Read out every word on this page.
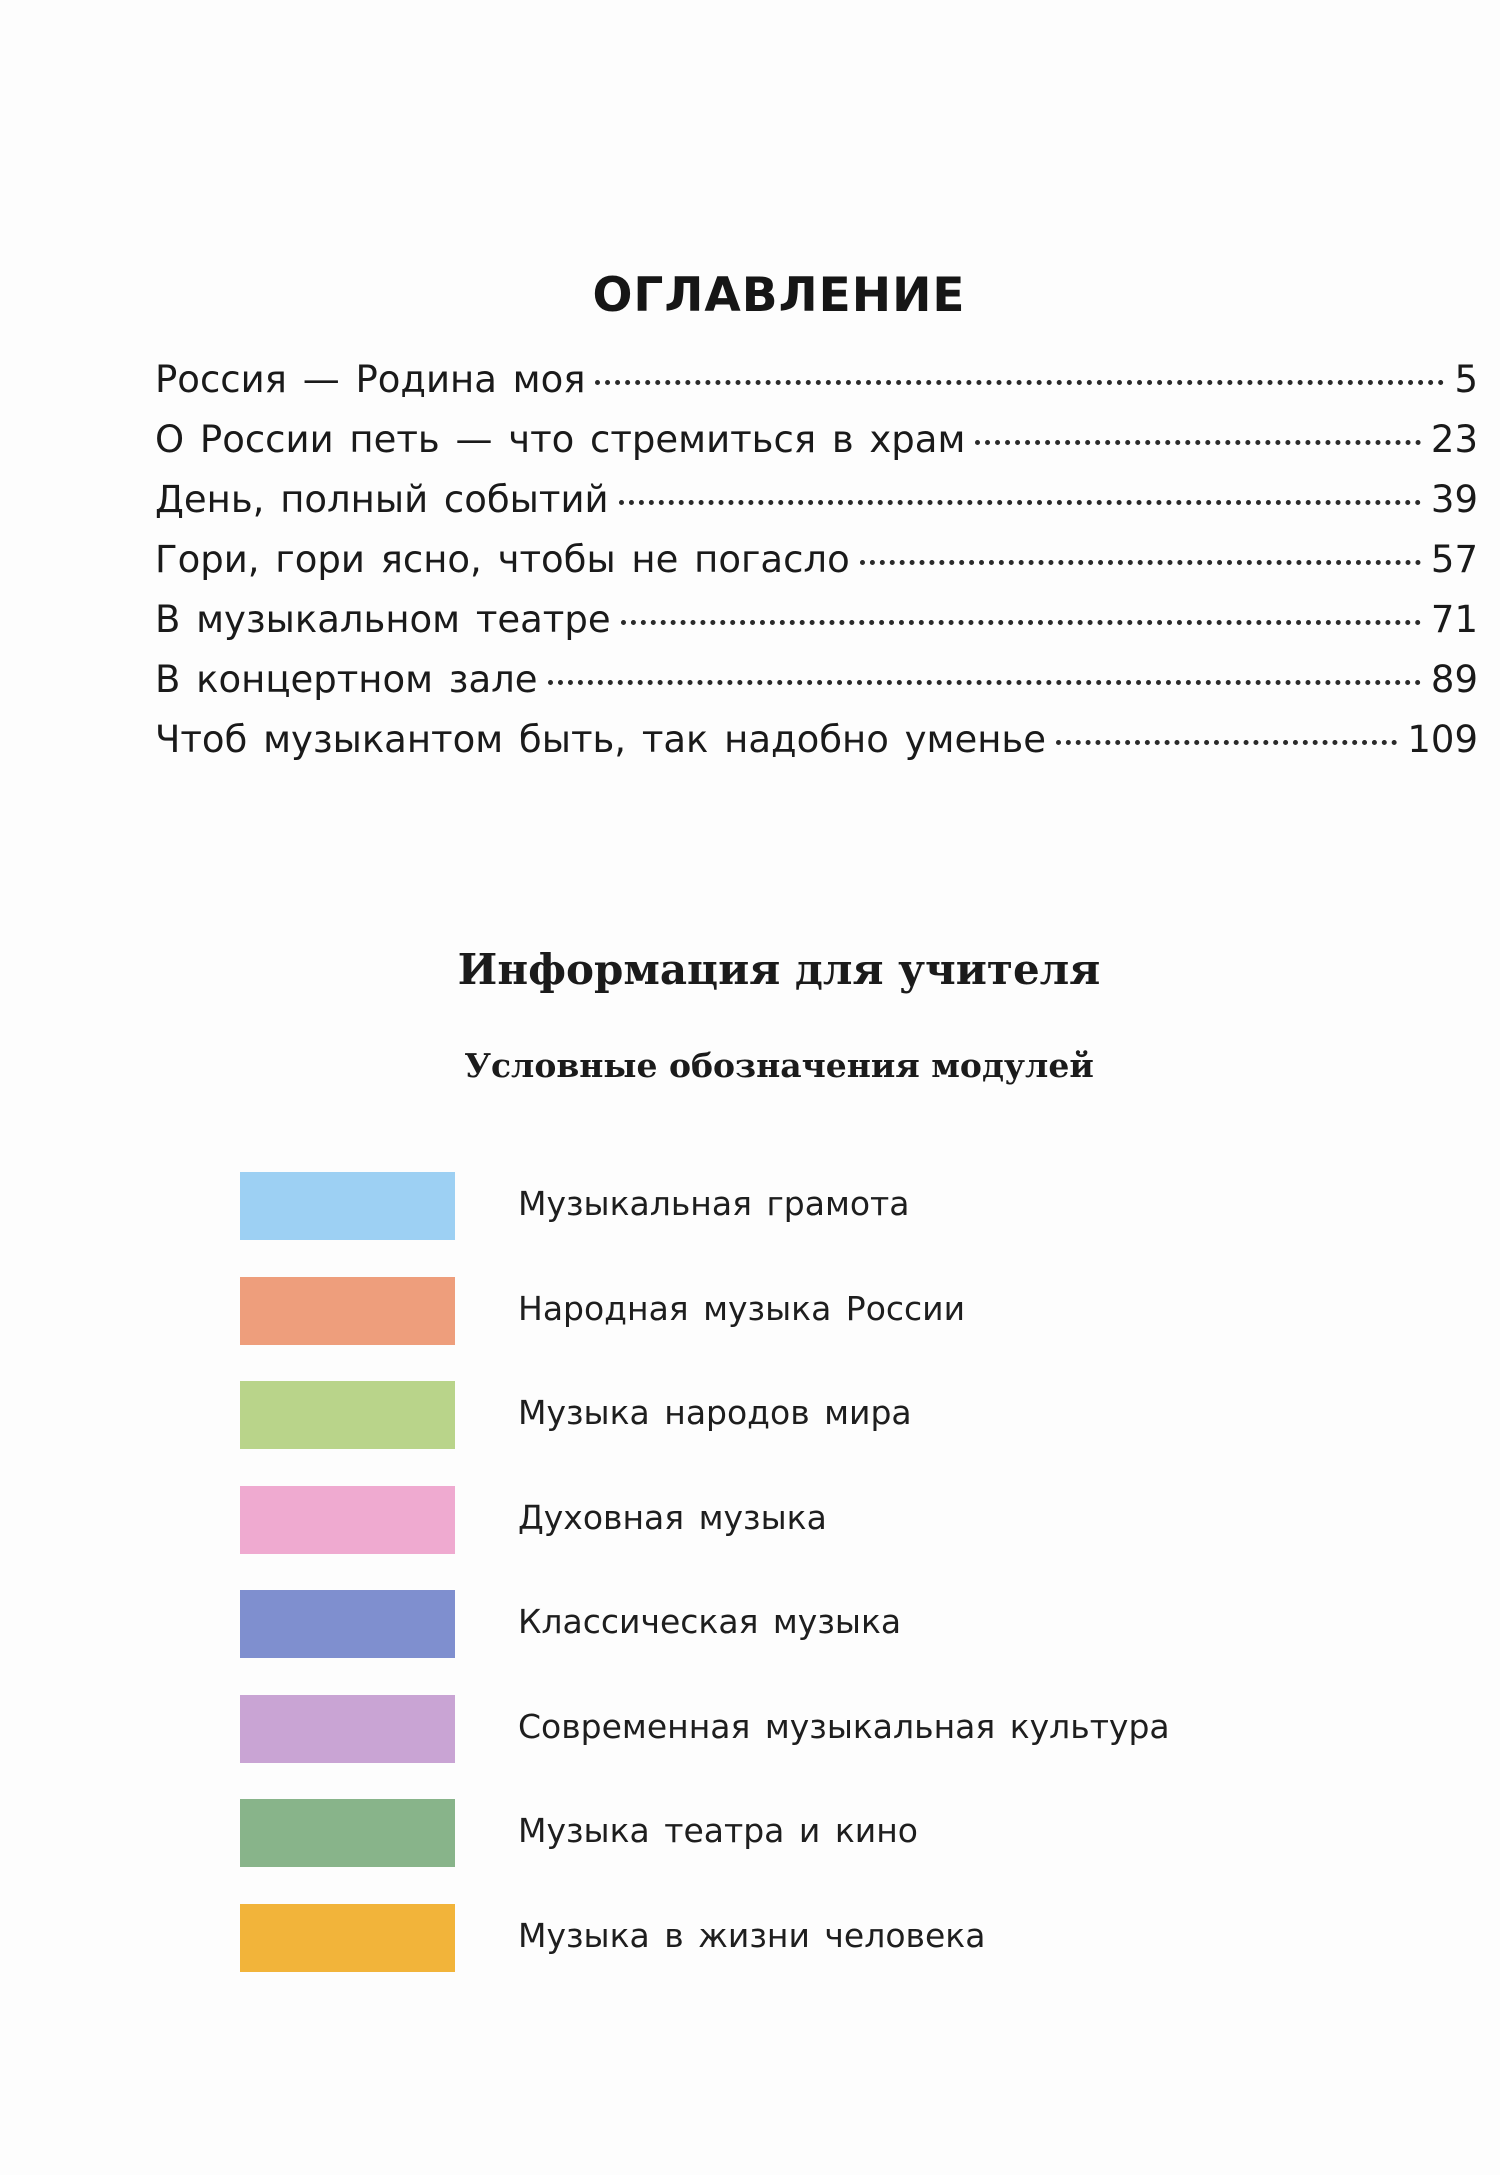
ОГЛАВЛЕНИЕ
Россия — Родина моя	5
О России петь — что стремиться в храм	23
День, полный событий	39
Гори, гори ясно, чтобы не погасло	57
В музыкальном театре	71
В концертном зале	89
Чтоб музыкантом быть, так надобно уменье	109
Информация для учителя
Условные обозначения модулей
Музыкальная грамота
Народная музыка России
Музыка народов мира
Духовная музыка
Классическая музыка
Современная музыкальная культура
Музыка театра и кино
Музыка в жизни человека
